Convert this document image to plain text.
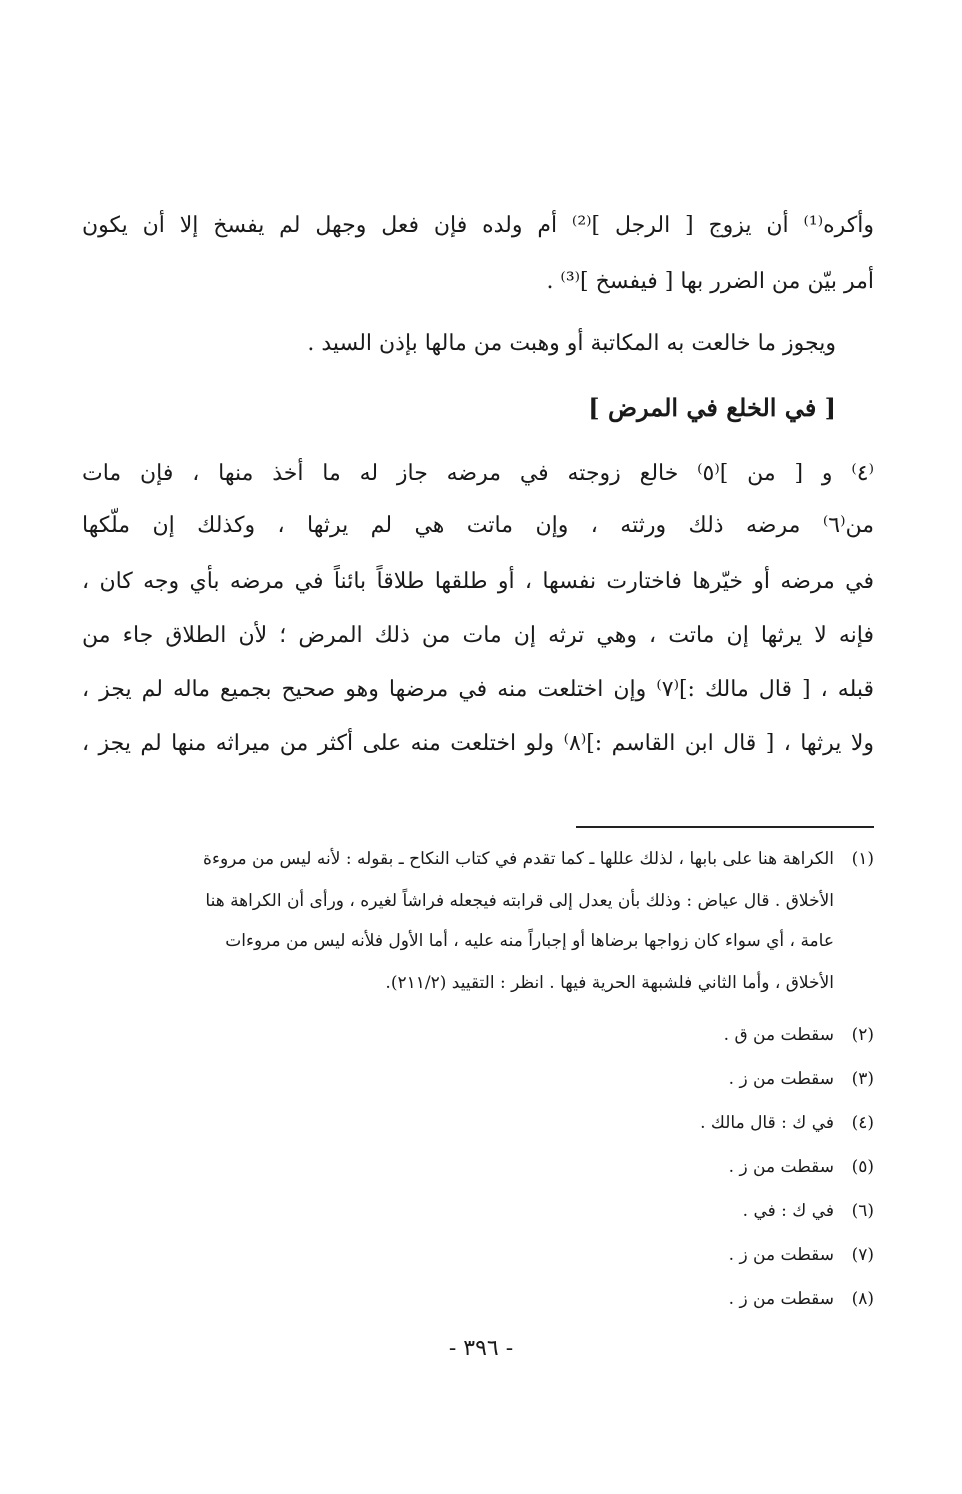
وأكره⁽¹⁾ أن يزوج [ الرجل ]⁽²⁾ أم ولده فإن فعل وجهل لم يفسخ إلا أن يكون
أمر بيّن من الضرر بها [ فيفسخ ]⁽³⁾ .
ويجوز ما خالعت به المكاتبة أو وهبت من مالها بإذن السيد .
[ في الخلع في المرض ]
⁽٤⁾ و [ من ]⁽٥⁾ خالع زوجته في مرضه جاز له ما أخذ منها ، فإن مات
من⁽٦⁾ مرضه ذلك ورثته ، وإن ماتت هي لم يرثها ، وكذلك إن ملّكها
في مرضه أو خيّرها فاختارت نفسها ، أو طلقها طلاقاً بائناً في مرضه بأي وجه كان ،
فإنه لا يرثها إن ماتت ، وهي ترثه إن مات من ذلك المرض ؛ لأن الطلاق جاء من
قبله ، [ قال مالك :]⁽٧⁾ وإن اختلعت منه في مرضها وهو صحيح بجميع ماله لم يجز ،
ولا يرثها ، [ قال ابن القاسم :]⁽٨⁾ ولو اختلعت منه على أكثر من ميراثه منها لم يجز ،
(١)الكراهة هنا على بابها ، لذلك عللها ـ كما تقدم في كتاب النكاح ـ بقوله : لأنه ليس من مروءة
الأخلاق . قال عياض : وذلك بأن يعدل إلى قرابته فيجعله فراشاً لغيره ، ورأى أن الكراهة هنا
عامة ، أي سواء كان زواجها برضاها أو إجباراً منه عليه ، أما الأول فلأنه ليس من مروءات
الأخلاق ، وأما الثاني فلشبهة الحرية فيها . انظر : التقييد (٢١١/٢).
(٢)سقطت من ق .
(٣)سقطت من ز .
(٤)في ك : قال مالك .
(٥)سقطت من ز .
(٦)في ك : في .
(٧)سقطت من ز .
(٨)سقطت من ز .
- ٣٩٦ -
